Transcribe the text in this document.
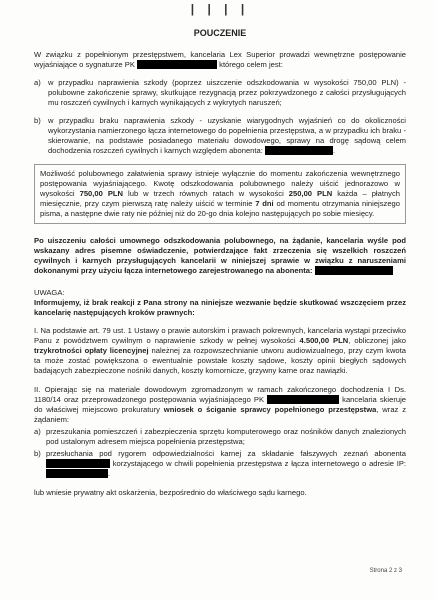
| | | |
POUCZENIE

W związku z popełnionym przestępstwem, kancelaria Lex Superior prowadzi wewnętrzne postępowanie wyjaśniające o sygnaturze PK	którego celem jest:

a) w przypadku naprawienia szkody (poprzez uiszczenie odszkodowania w wysokości 750,00 PLN) - polubowne zakończenie sprawy, skutkujące rezygnacją przez pokrzywdzonego z całości przysługujących mu roszczeń cywilnych i karnych wynikających z wykrytych naruszeń;
b) w przypadku braku naprawienia szkody - uzyskanie wiarygodnych wyjaśnień co do okoliczności wykorzystania namierzonego łącza internetowego do popełnienia przestępstwa, a w przypadku ich braku - skierowanie, na podstawie posiadanego materiału dowodowego, sprawy na drogę sądową celem dochodzenia roszczeń cywilnych i karnych względem abonenta:	.

Możliwość polubownego załatwienia sprawy istnieje wyłącznie do momentu zakończenia wewnętrznego postępowania wyjaśniającego. Kwotę odszkodowania polubownego należy uiścić jednorazowo w wysokości 750,00 PLN lub w trzech równych ratach w wysokości 250,00 PLN każda – płatnych miesięcznie, przy czym pierwszą ratę należy uiścić w terminie 7 dni od momentu otrzymania niniejszego pisma, a następne dwie raty nie później niż do 20-go dnia kolejno następujących po sobie miesięcy.

Po uiszczeniu całości umownego odszkodowania polubownego, na żądanie, kancelaria wyśle pod wskazany adres pisemne oświadczenie, potwierdzające fakt zrzeczenia się wszelkich roszczeń cywilnych i karnych przysługujących kancelarii w niniejszej sprawie w związku z naruszeniami dokonanymi przy użyciu łącza internetowego zarejestrowanego na abonenta:

UWAGA:

Informujemy, iż brak reakcji z Pana strony na niniejsze wezwanie będzie skutkować wszczęciem przez kancelarię następujących kroków prawnych:

I. Na podstawie art. 79 ust. 1 Ustawy o prawie autorskim i prawach pokrewnych, kancelaria wystąpi przeciwko Panu z powództwem cywilnym o naprawienie szkody w pełnej wysokości 4.500,00 PLN, obliczonej jako trzykrotności opłaty licencyjnej należnej za rozpowszechnianie utworu audiowizualnego, przy czym kwota ta może zostać powiększona o ewentualnie powstałe koszty sądowe, koszty opinii biegłych sądowych badających zabezpieczone nośniki danych, koszty komornicze, grzywny karne oraz nawiązki.

II. Opierając się na materiale dowodowym zgromadzonym w ramach zakończonego dochodzenia I Ds. 1180/14 oraz przeprowadzonego postępowania wyjaśniającego PK	kancelaria skieruje do właściwej miejscowo prokuratury wniosek o ściganie sprawcy popełnionego przestępstwa, wraz z żądaniem:

a) przeszukania pomieszczeń i zabezpieczenia sprzętu komputerowego oraz nośników danych znalezionych pod ustalonym adresem miejsca popełnienia przestępstwa;
b) przesłuchania pod rygorem odpowiedzialności karnej za składanie fałszywych zeznań abonenta  korzystającego w chwili popełnienia przestępstwa z łącza internetowego o adresie IP: .

lub wniesie prywatny akt oskarżenia, bezpośrednio do właściwego sądu karnego.

Strona 2 z 3
